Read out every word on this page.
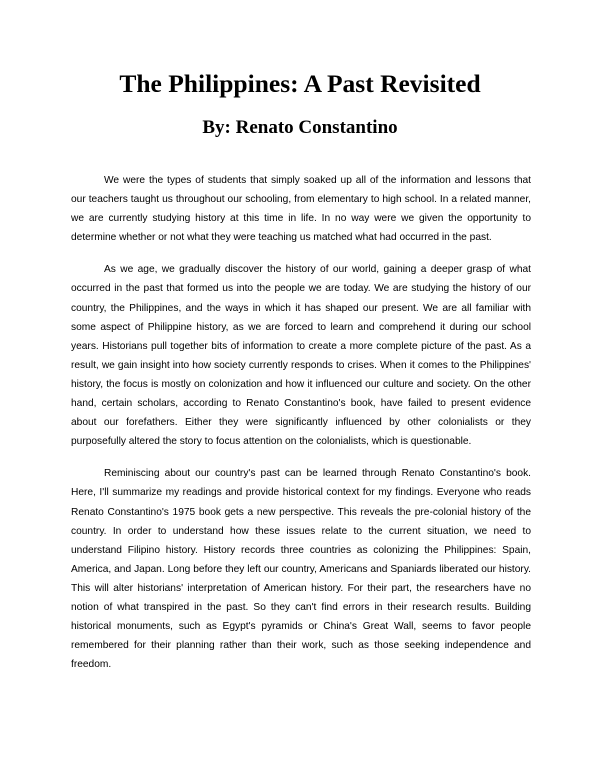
The Philippines: A Past Revisited
By: Renato Constantino

We were the types of students that simply soaked up all of the information and lessons that our teachers taught us throughout our schooling, from elementary to high school. In a related manner, we are currently studying history at this time in life. In no way were we given the opportunity to determine whether or not what they were teaching us matched what had occurred in the past.

As we age, we gradually discover the history of our world, gaining a deeper grasp of what occurred in the past that formed us into the people we are today. We are studying the history of our country, the Philippines, and the ways in which it has shaped our present. We are all familiar with some aspect of Philippine history, as we are forced to learn and comprehend it during our school years. Historians pull together bits of information to create a more complete picture of the past. As a result, we gain insight into how society currently responds to crises. When it comes to the Philippines' history, the focus is mostly on colonization and how it influenced our culture and society. On the other hand, certain scholars, according to Renato Constantino's book, have failed to present evidence about our forefathers. Either they were significantly influenced by other colonialists or they purposefully altered the story to focus attention on the colonialists, which is questionable.

Reminiscing about our country's past can be learned through Renato Constantino's book. Here, I'll summarize my readings and provide historical context for my findings. Everyone who reads Renato Constantino's 1975 book gets a new perspective. This reveals the pre-colonial history of the country. In order to understand how these issues relate to the current situation, we need to understand Filipino history. History records three countries as colonizing the Philippines: Spain, America, and Japan. Long before they left our country, Americans and Spaniards liberated our history. This will alter historians' interpretation of American history. For their part, the researchers have no notion of what transpired in the past. So they can't find errors in their research results. Building historical monuments, such as Egypt's pyramids or China's Great Wall, seems to favor people remembered for their planning rather than their work, such as those seeking independence and freedom.
